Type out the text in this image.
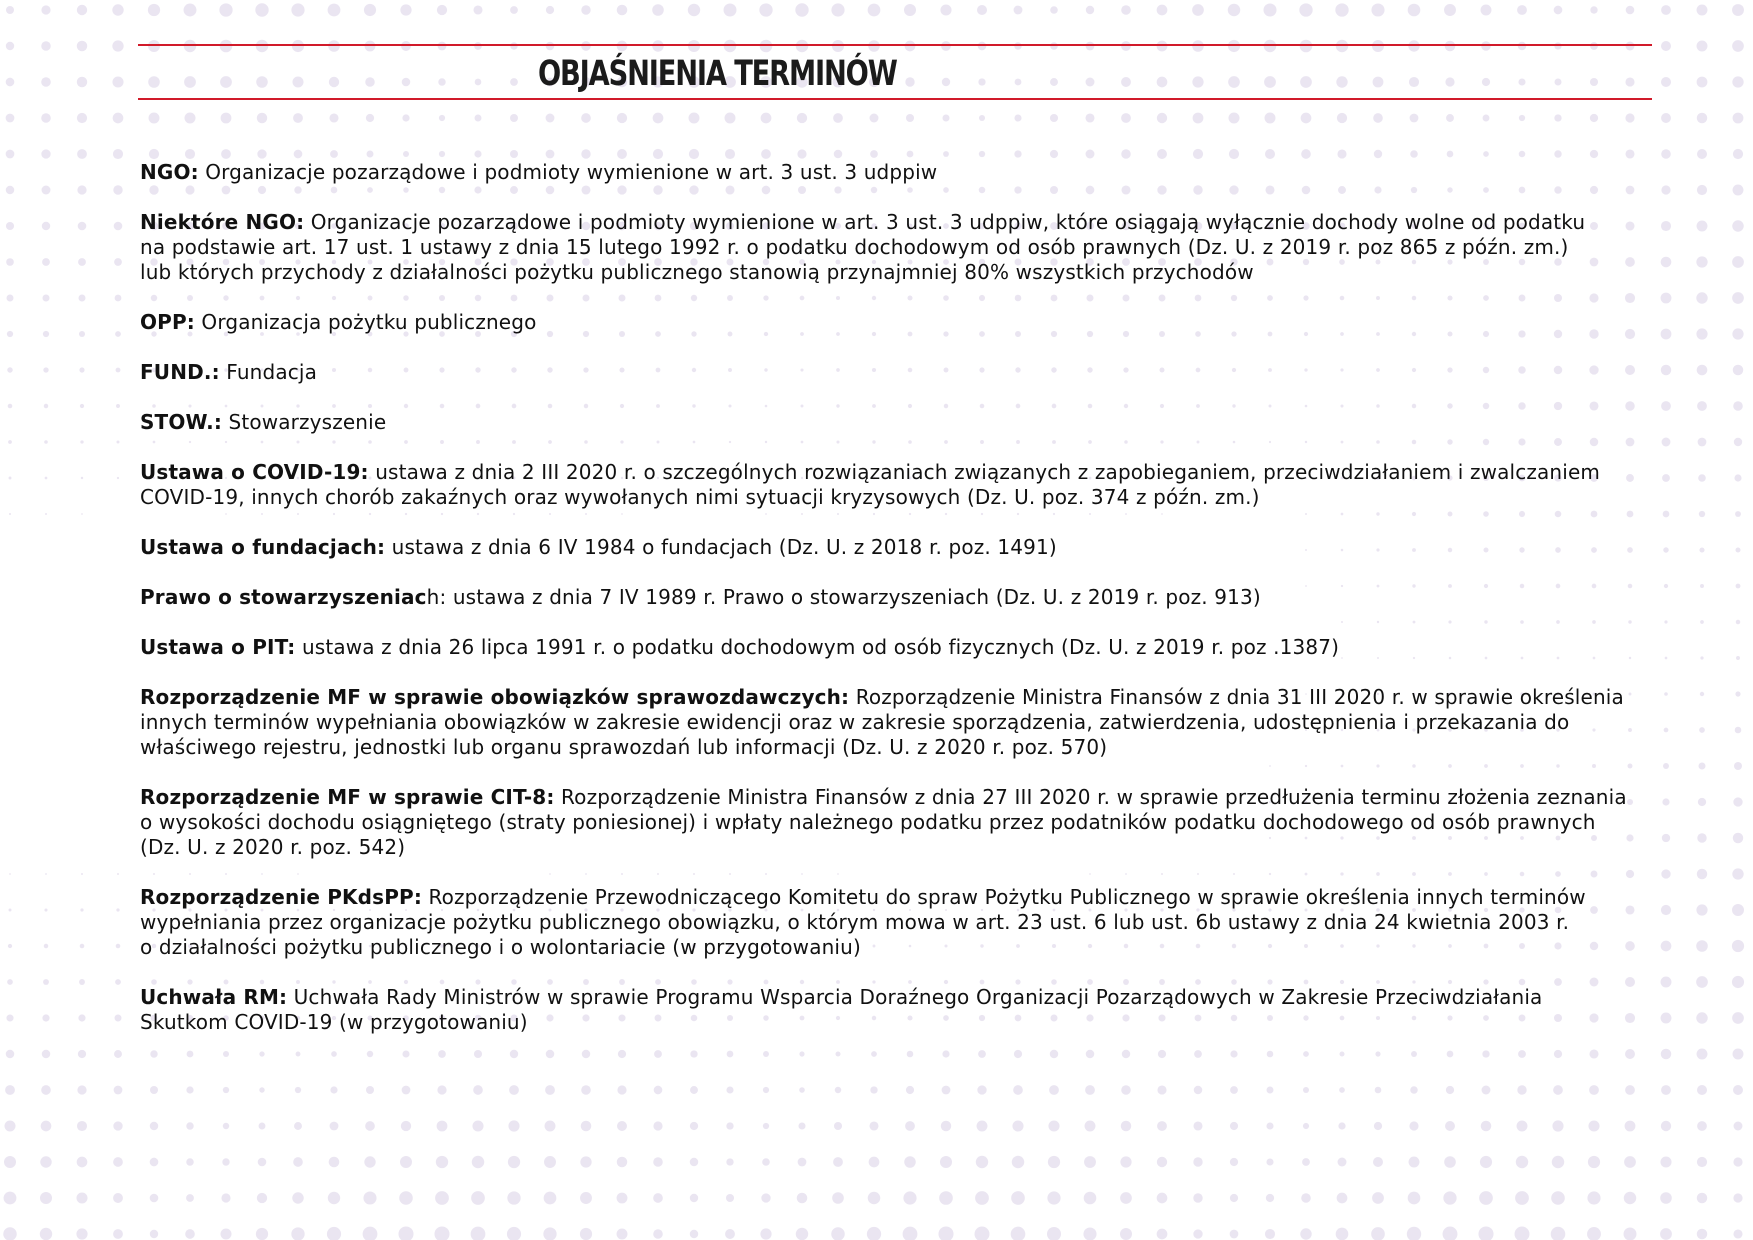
OBJAŚNIENIA TERMINÓW
NGO: Organizacje pozarządowe i podmioty wymienione w art. 3 ust. 3 udppiw
Niektóre NGO: Organizacje pozarządowe i podmioty wymienione w art. 3 ust. 3 udppiw, które osiągają wyłącznie dochody wolne od podatku
na podstawie art. 17 ust. 1 ustawy z dnia 15 lutego 1992 r. o podatku dochodowym od osób prawnych (Dz. U. z 2019 r. poz 865 z późn. zm.)
lub których przychody z działalności pożytku publicznego stanowią przynajmniej 80% wszystkich przychodów
OPP: Organizacja pożytku publicznego
FUND.: Fundacja
STOW.: Stowarzyszenie
Ustawa o COVID-19: ustawa z dnia 2 III 2020 r. o szczególnych rozwiązaniach związanych z zapobieganiem, przeciwdziałaniem i zwalczaniem
COVID-19, innych chorób zakaźnych oraz wywołanych nimi sytuacji kryzysowych (Dz. U. poz. 374 z późn. zm.)
Ustawa o fundacjach: ustawa z dnia 6 IV 1984 o fundacjach (Dz. U. z 2018 r. poz. 1491)
Prawo o stowarzyszeniach: ustawa z dnia 7 IV 1989 r. Prawo o stowarzyszeniach (Dz. U. z 2019 r. poz. 913)
Ustawa o PIT: ustawa z dnia 26 lipca 1991 r. o podatku dochodowym od osób fizycznych (Dz. U. z 2019 r. poz .1387)
Rozporządzenie MF w sprawie obowiązków sprawozdawczych: Rozporządzenie Ministra Finansów z dnia 31 III 2020 r. w sprawie określenia
innych terminów wypełniania obowiązków w zakresie ewidencji oraz w zakresie sporządzenia, zatwierdzenia, udostępnienia i przekazania do
właściwego rejestru, jednostki lub organu sprawozdań lub informacji (Dz. U. z 2020 r. poz. 570)
Rozporządzenie MF w sprawie CIT-8: Rozporządzenie Ministra Finansów z dnia 27 III 2020 r. w sprawie przedłużenia terminu złożenia zeznania
o wysokości dochodu osiągniętego (straty poniesionej) i wpłaty należnego podatku przez podatników podatku dochodowego od osób prawnych
(Dz. U. z 2020 r. poz. 542)
Rozporządzenie PKdsPP: Rozporządzenie Przewodniczącego Komitetu do spraw Pożytku Publicznego w sprawie określenia innych terminów
wypełniania przez organizacje pożytku publicznego obowiązku, o którym mowa w art. 23 ust. 6 lub ust. 6b ustawy z dnia 24 kwietnia 2003 r.
o działalności pożytku publicznego i o wolontariacie (w przygotowaniu)
Uchwała RM: Uchwała Rady Ministrów w sprawie Programu Wsparcia Doraźnego Organizacji Pozarządowych w Zakresie Przeciwdziałania
Skutkom COVID-19 (w przygotowaniu)
